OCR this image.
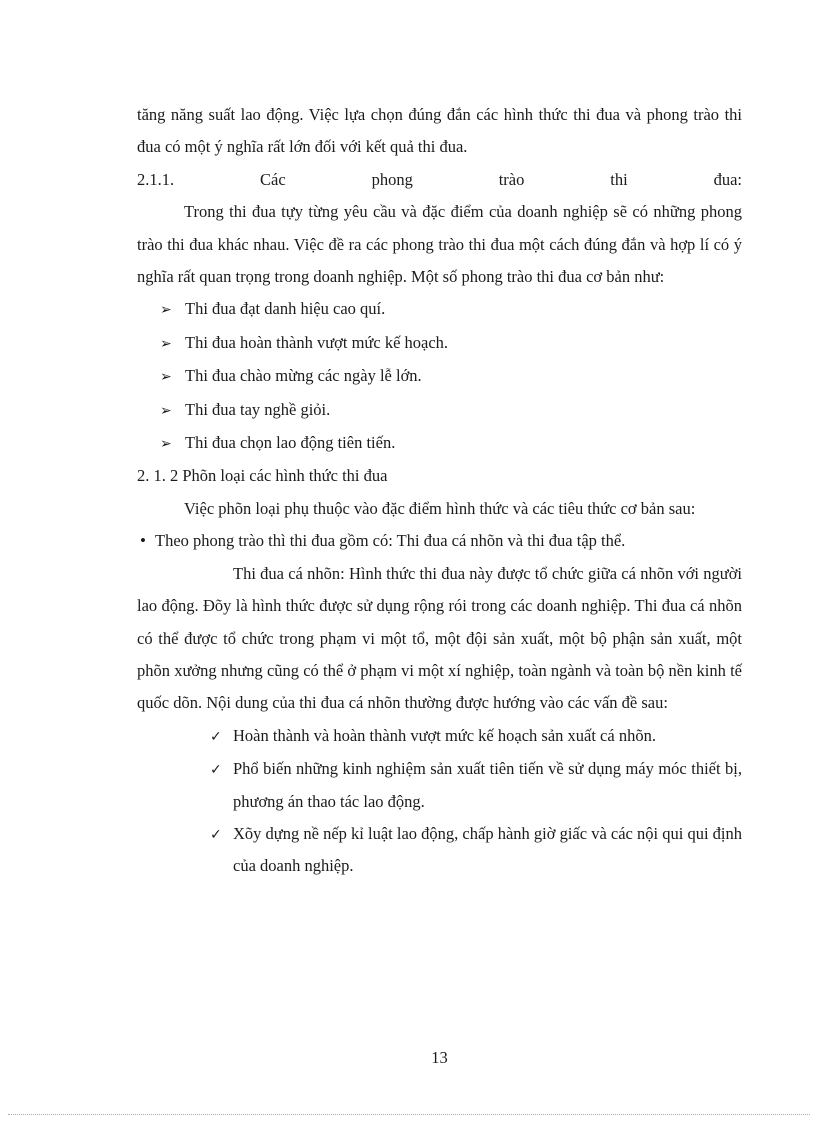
tăng năng suất lao động. Việc lựa chọn đúng đắn các hình thức thi đua và phong trào thi đua có một ý nghĩa rất lớn đối với kết quả thi đua.

2.1.1.	Các	phong	trào	thi	đua:

Trong thi đua tựy từng yêu cầu và đặc điểm của doanh nghiệp sẽ có những phong trào thi đua khác nhau. Việc đề ra các phong trào thi đua một cách đúng đắn và hợp lí có ý nghĩa rất quan trọng trong doanh nghiệp. Một số phong trào thi đua cơ bản như:

➢ Thi đua đạt danh hiệu cao quí.
➢ Thi đua hoàn thành vượt mức kế hoạch.
➢ Thi đua chào mừng các ngày lễ lớn.
➢ Thi đua tay nghề giỏi.
➢ Thi đua chọn lao động tiên tiến.

2. 1. 2 Phõn loại các hình thức thi đua

Việc phõn loại phụ thuộc vào đặc điểm hình thức và các tiêu thức cơ bản sau:

• Theo phong trào thì thi đua gồm có: Thi đua cá nhõn và thi đua tập thể.

Thi đua cá nhõn: Hình thức thi đua này được tổ chức giữa cá nhõn với người lao động. Đõy là hình thức được sử dụng rộng rói trong các doanh nghiệp. Thi đua cá nhõn có thể được tổ chức trong phạm vi một tổ, một đội sản xuất, một bộ phận sản xuất, một phõn xưởng nhưng cũng có thể ở phạm vi một xí nghiệp, toàn ngành và toàn bộ nền kinh tế quốc dõn. Nội dung của thi đua cá nhõn thường được hướng vào các vấn đề sau:

✓ Hoàn thành và hoàn thành vượt mức kế hoạch sản xuất cá nhõn.
✓ Phổ biến những kinh nghiệm sản xuất tiên tiến về sử dụng máy móc thiết bị, phương án thao tác lao động.
✓ Xõy dựng nề nếp kỉ luật lao động, chấp hành giờ giấc và các nội qui qui định của doanh nghiệp.
13
